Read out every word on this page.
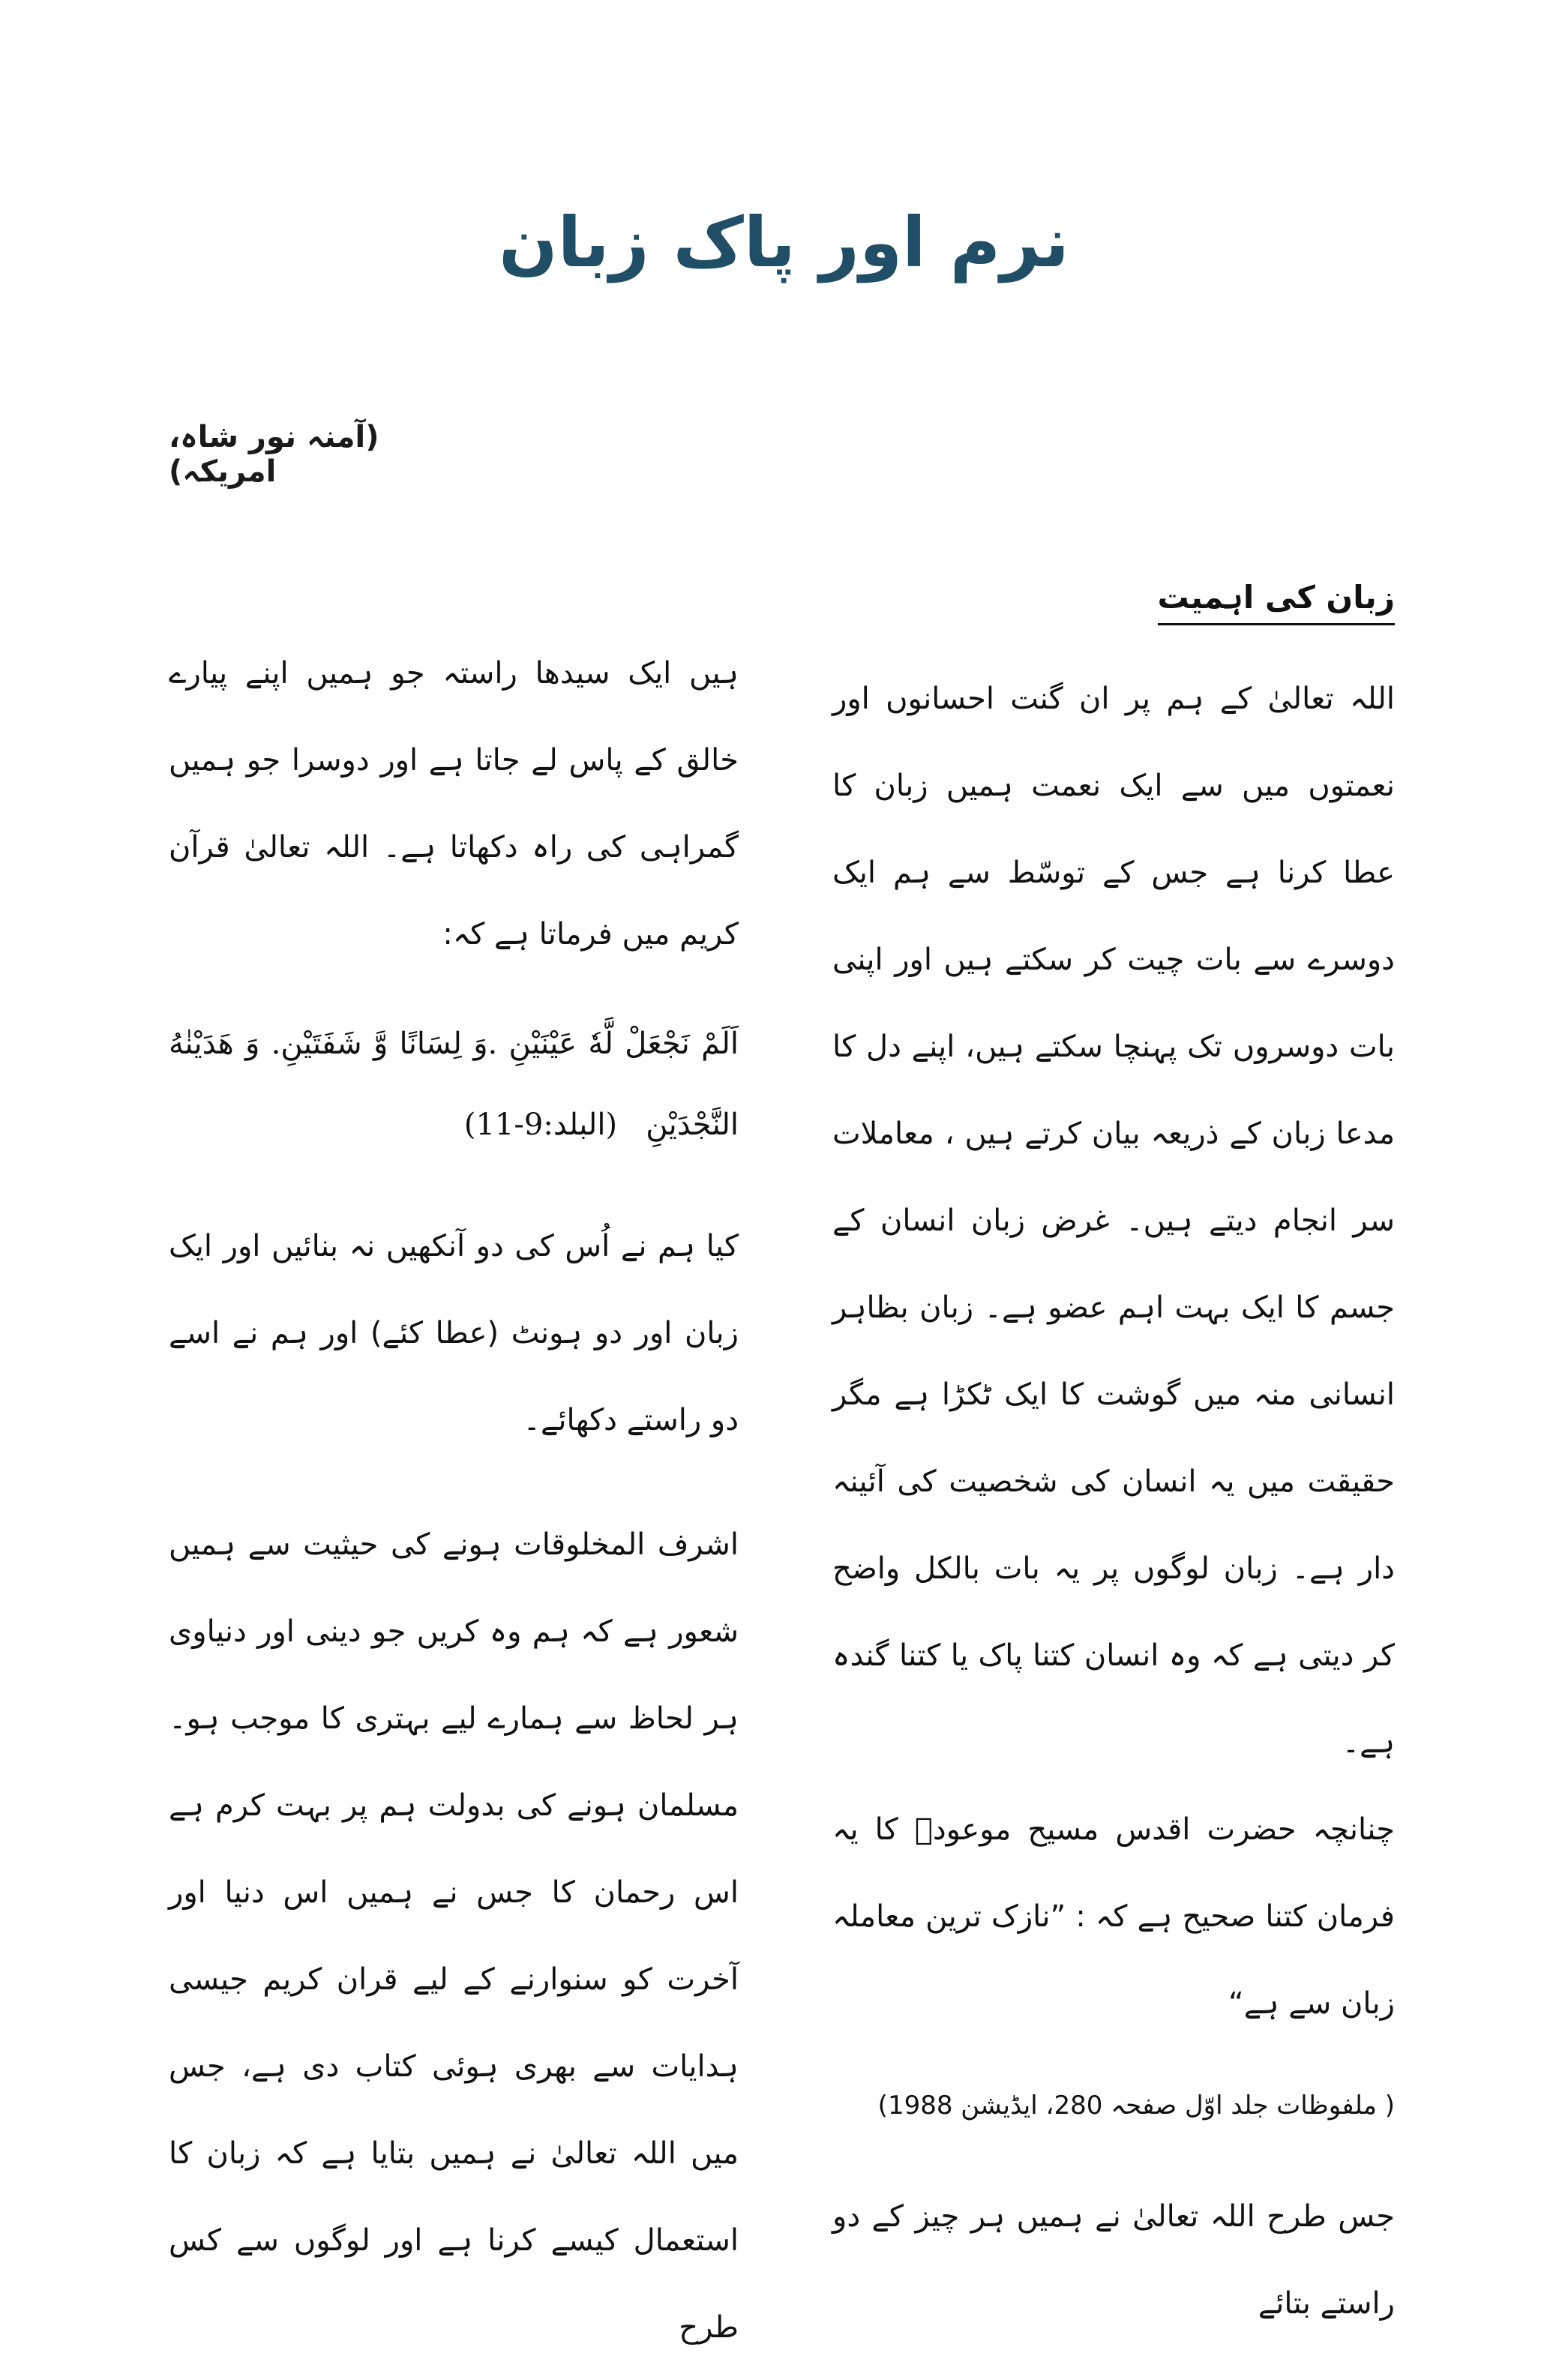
نرم اور پاک زبان
(آمنہ نور شاہ، امریکہ)
زبان کی اہمیت

اللہ تعالیٰ کے ہم پر ان گنت احسانوں اور نعمتوں میں سے ایک نعمت ہمیں زبان کا عطا کرنا ہے جس کے توسّط سے ہم ایک دوسرے سے بات چیت کر سکتے ہیں اور اپنی بات دوسروں تک پہنچا سکتے ہیں، اپنے دل کا مدعا زبان کے ذریعہ بیان کرتے ہیں ، معاملات سر انجام دیتے ہیں۔ غرض زبان انسان کے جسم کا ایک بہت اہم عضو ہے۔ زبان بظاہر انسانی منہ میں گوشت کا ایک ٹکڑا ہے مگر حقیقت میں یہ انسان کی شخصیت کی آئینہ دار ہے۔ زبان لوگوں پر یہ بات بالکل واضح کر دیتی ہے کہ وہ انسان کتنا پاک یا کتنا گندہ ہے۔

چنانچہ حضرت اقدس مسیح موعودؑ کا یہ فرمان کتنا صحیح ہے کہ : ”نازک ترین معاملہ زبان سے ہے“

( ملفوظات جلد اوّل صفحہ 280، ایڈیشن 1988)

جس طرح اللہ تعالیٰ نے ہمیں ہر چیز کے دو راستے بتائے

ہیں ایک سیدھا راستہ جو ہمیں اپنے پیارے خالق کے پاس لے جاتا ہے اور دوسرا جو ہمیں گمراہی کی راہ دکھاتا ہے۔ اللہ تعالیٰ قرآن کریم میں فرماتا ہے کہ:

اَلَمْ نَجْعَلْ لَّهٗ عَيْنَيْنِ .وَ لِسَانًا وَّ شَفَتَيْنِ. وَ هَدَيْنٰهُ النَّجْدَيْنِ   (البلد:9-11)

کیا ہم نے اُس کی دو آنکھیں نہ بنائیں اور ایک زبان اور دو ہونٹ (عطا کئے) اور ہم نے اسے دو راستے دکھائے۔

اشرف المخلوقات ہونے کی حیثیت سے ہمیں شعور ہے کہ ہم وہ کریں جو دینی اور دنیاوی ہر لحاظ سے ہمارے لیے بہتری کا موجب ہو۔ مسلمان ہونے کی بدولت ہم پر بہت کرم ہے اس رحمان کا جس نے ہمیں اس دنیا اور آخرت کو سنوارنے کے لیے قران کریم جیسی ہدایات سے بھری ہوئی کتاب دی ہے، جس میں اللہ تعالیٰ نے ہمیں بتایا ہے کہ زبان کا استعمال کیسے کرنا ہے اور لوگوں سے کس طرح
